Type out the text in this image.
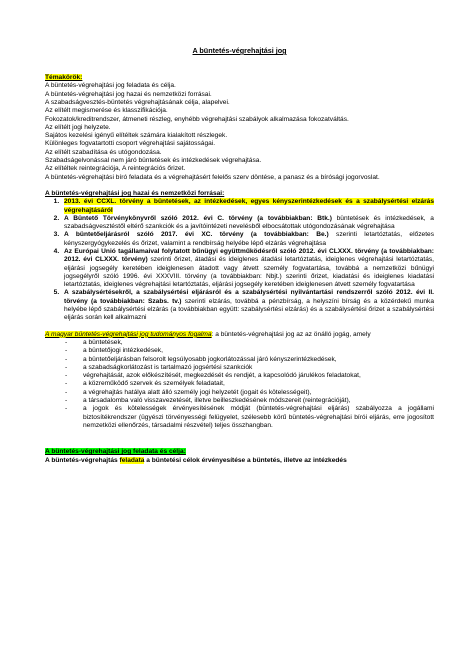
A büntetés-végrehajtási jog
Témakörök:
A büntetés-végrehajtási jog feladata és célja.
A büntetés-végrehajtási jog hazai és nemzetközi forrásai.
A szabadságvesztés-büntetés végrehajtásának célja, alapelvei.
Az elítélt megismerése és klasszifikációja.
Fokozatok/kreditrendszer, átmeneti részleg, enyhébb végrehajtási szabályok alkalmazása fokozatváltás.
Az elítélt jogi helyzete.
Sajátos kezelési igényű elítéltek számára kialakított részlegek.
Különleges fogvatartotti csoport végrehajtási sajátosságai.
Az elítélt szabadítása és utógondozása.
Szabadságelvonással nem járó büntetések és intézkedések végrehajtása.
Az elítéltek reintegrációja, A reintegrációs őrizet.
A büntetés-végrehajtási bíró feladata és a végrehajtásért felelős szerv döntése, a panasz és a bírósági jogorvoslat.
A büntetés-végrehajtási jog hazai és nemzetközi forrásai:
1. 2013. évi CCXL. törvény a büntetések, az intézkedések, egyes kényszerintézkedések és a szabálysértési elzárás végrehajtásáról
2. A Büntető Törvénykönyvről szóló 2012. évi C. törvény (a továbbiakban: Btk.) büntetések és intézkedések, a szabadságvesztéstől eltérő szankciók és a javítóintézeti nevelésből elbocsátottak utógondozásának végrehajtása
3. A büntetőeljárásról szóló 2017. évi XC. törvény (a továbbiakban: Be.) szerinti letartóztatás, előzetes kényszergyógykezelés és őrizet, valamint a rendbírság helyébe lépő elzárás végrehajtása
4. Az Európai Unió tagállamaival folytatott bűnügyi együttműködésről szóló 2012. évi CLXXX. törvény (a továbbiakban: 2012. évi CLXXX. törvény) szerinti őrizet, átadási és ideiglenes átadási letartóztatás, ideiglenes végrehajtási letartóztatás, eljárási jogsegély keretében ideiglenesen átadott vagy átvett személy fogvatartása, továbbá a nemzetközi bűnügyi jogsegélyről szóló 1996. évi XXXVIII. törvény (a továbbiakban: Nbjt.) szerinti őrizet, kiadatási és ideiglenes kiadatási letartóztatás, ideiglenes végrehajtási letartóztatás, eljárási jogsegély keretében ideiglenesen átvett személy fogvatartása
5. A szabálysértésekről, a szabálysértési eljárásról és a szabálysértési nyilvántartási rendszerről szóló 2012. évi II. törvény (a továbbiakban: Szabs. tv.) szerinti elzárás, továbbá a pénzbírság, a helyszíni bírság és a közérdekű munka helyébe lépő szabálysértési elzárás (a továbbiakban együtt: szabálysértési elzárás) és a szabálysértési őrizet a szabálysértési eljárás során kell alkalmazni

A magyar büntetés-végrehajtási jog tudományos fogalma: a büntetés-végrehajtási jog az az önálló jogág, amely

- a büntetések,
- a büntetőjogi intézkedések,
- a büntetőeljárásban felsorolt legsúlyosabb jogkorlátozással járó kényszerintézkedések,
- a szabadságkorlátozást is tartalmazó jogsértési szankciók
- végrehajtását, azok előkészítését, megkezdését és rendjét, a kapcsolódó járulékos feladatokat,
- a közreműködő szervek és személyek feladatait,
- a végrehajtás hatálya alatt álló személy jogi helyzetét (jogait és kötelességeit),
- a társadalomba való visszavezetését, illetve beilleszkedésének módszereit (reintegrációját),
- a jogok és kötelességek érvényesítésének módját (büntetés-végrehajtási eljárás) szabályozza a jogállami biztosítékrendszer (ügyészi törvényességi felügyelet, szélesebb körű büntetés-végrehajtási bírói eljárás, erre jogosított nemzetközi ellenőrzés, társadalmi részvétel) teljes összhangban.
A büntetés-végrehajtási jog feladata és célja:

A büntetés-végrehajtás feladata a büntetési célok érvényesítése a büntetés, illetve az intézkedés
